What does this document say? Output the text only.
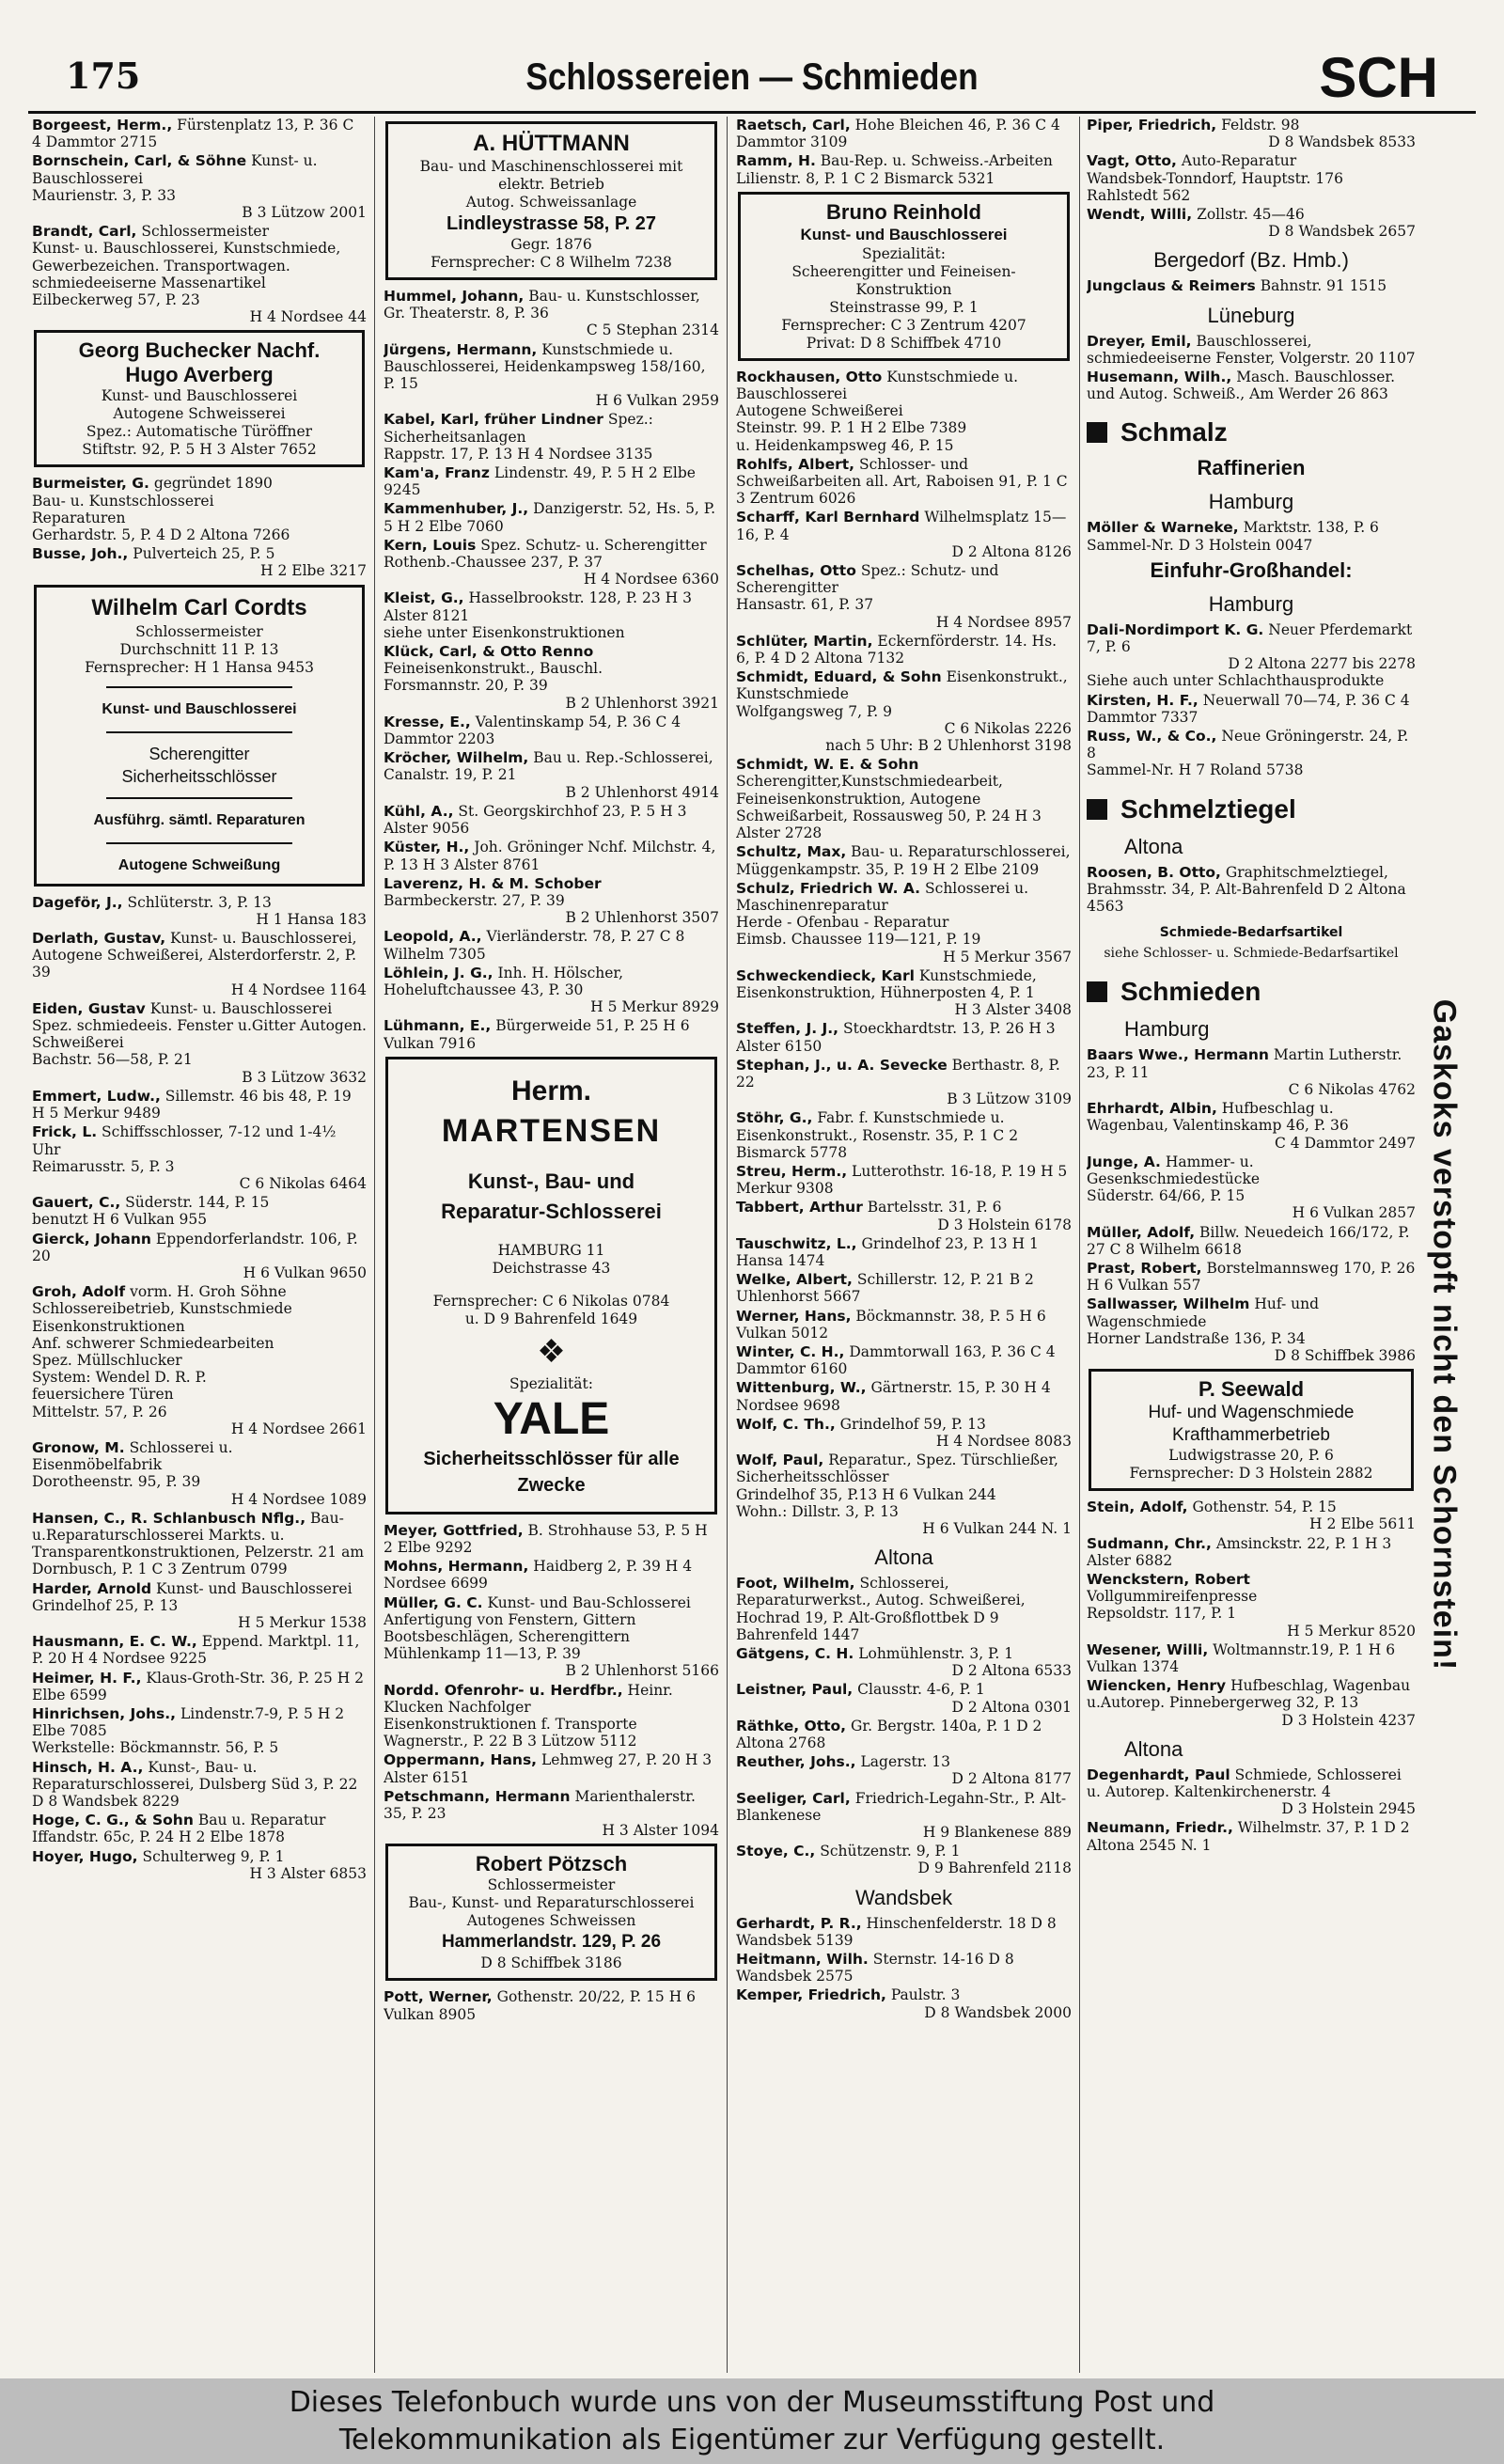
175	Schlossereien — Schmieden	SCH
Borgeest, Herm., Fürstenplatz 13, P. 36 C 4 Dammtor 2715
Bornschein, Carl, & Söhne Kunst- u. Bauschlosserei
Maurienstr. 3, P. 33
B 3 Lützow 2001
Brandt, Carl, Schlossermeister
Kunst- u. Bauschlosserei, Kunstschmiede, Gewerbezeichen. Transportwagen. schmiedeeiserne Massenartikel
Eilbeckerweg 57, P. 23
H 4 Nordsee 44
Georg Buchecker Nachf.
Hugo Averberg
Kunst- und Bauschlosserei
Autogene Schweisserei
Spez.: Automatische Türöffner
Stiftstr. 92, P. 5 H 3 Alster 7652
Burmeister, G. gegründet 1890
Bau- u. Kunstschlosserei
Reparaturen
Gerhardstr. 5, P. 4 D 2 Altona 7266
Busse, Joh., Pulverteich 25, P. 5
H 2 Elbe 3217
Wilhelm Carl Cordts
Schlossermeister
Durchschnitt 11 P. 13
Fernsprecher: H 1 Hansa 9453
Kunst- und Bauschlosserei
Scherengitter
Sicherheitsschlösser
Ausführg. sämtl. Reparaturen
Autogene Schweißung
Dageför, J., Schlüterstr. 3, P. 13
H 1 Hansa 183
Derlath, Gustav, Kunst- u. Bauschlosserei, Autogene Schweißerei, Alsterdorferstr. 2, P. 39
H 4 Nordsee 1164
Eiden, Gustav Kunst- u. Bauschlosserei
Spez. schmiedeeis. Fenster u.Gitter Autogen. Schweißerei
Bachstr. 56—58, P. 21
B 3 Lützow 3632
Emmert, Ludw., Sillemstr. 46 bis 48, P. 19 H 5 Merkur 9489
Frick, L. Schiffsschlosser, 7-12 und 1-4½ Uhr
Reimarusstr. 5, P. 3
C 6 Nikolas 6464
Gauert, C., Süderstr. 144, P. 15
benutzt H 6 Vulkan 955
Gierck, Johann Eppendorferlandstr. 106, P. 20
H 6 Vulkan 9650
Groh, Adolf vorm. H. Groh Söhne
Schlossereibetrieb, Kunstschmiede Eisenkonstruktionen
Anf. schwerer Schmiedearbeiten
Spez. Müllschlucker
System: Wendel D. R. P.
feuersichere Türen
Mittelstr. 57, P. 26
H 4 Nordsee 2661
Gronow, M. Schlosserei u. Eisenmöbelfabrik
Dorotheenstr. 95, P. 39
H 4 Nordsee 1089
Hansen, C., R. Schlanbusch Nflg., Bau-u.Reparaturschlosserei Markts. u. Transparentkonstruktionen, Pelzerstr. 21 am Dornbusch, P. 1 C 3 Zentrum 0799
Harder, Arnold Kunst- und Bauschlosserei
Grindelhof 25, P. 13
H 5 Merkur 1538
Hausmann, E. C. W., Eppend. Marktpl. 11, P. 20 H 4 Nordsee 9225
Heimer, H. F., Klaus-Groth-Str. 36, P. 25 H 2 Elbe 6599
Hinrichsen, Johs., Lindenstr.7-9, P. 5 H 2 Elbe 7085
Werkstelle: Böckmannstr. 56, P. 5
Hinsch, H. A., Kunst-, Bau- u. Reparaturschlosserei, Dulsberg Süd 3, P. 22 D 8 Wandsbek 8229
Hoge, C. G., & Sohn Bau u. Reparatur
Iffandstr. 65c, P. 24 H 2 Elbe 1878
Hoyer, Hugo, Schulterweg 9, P. 1
H 3 Alster 6853
A. HÜTTMANN
Bau- und Maschinenschlosserei mit elektr. Betrieb
Autog. Schweissanlage
Lindleystrasse 58, P. 27
Gegr. 1876
Fernsprecher: C 8 Wilhelm 7238
Hummel, Johann, Bau- u. Kunstschlosser, Gr. Theaterstr. 8, P. 36
C 5 Stephan 2314
Jürgens, Hermann, Kunstschmiede u. Bauschlosserei, Heidenkampsweg 158/160, P. 15
H 6 Vulkan 2959
Kabel, Karl, früher Lindner Spez.: Sicherheitsanlagen
Rappstr. 17, P. 13 H 4 Nordsee 3135
Kam'a, Franz Lindenstr. 49, P. 5 H 2 Elbe 9245
Kammenhuber, J., Danzigerstr. 52, Hs. 5, P. 5 H 2 Elbe 7060
Kern, Louis Spez. Schutz- u. Scherengitter
Rothenb.-Chaussee 237, P. 37
H 4 Nordsee 6360
Kleist, G., Hasselbrookstr. 128, P. 23 H 3 Alster 8121
siehe unter Eisenkonstruktionen
Klück, Carl, & Otto Renno Feineisenkonstrukt., Bauschl.
Forsmannstr. 20, P. 39
B 2 Uhlenhorst 3921
Kresse, E., Valentinskamp 54, P. 36 C 4 Dammtor 2203
Kröcher, Wilhelm, Bau u. Rep.-Schlosserei, Canalstr. 19, P. 21
B 2 Uhlenhorst 4914
Kühl, A., St. Georgskirchhof 23, P. 5 H 3 Alster 9056
Küster, H., Joh. Gröninger Nchf. Milchstr. 4, P. 13 H 3 Alster 8761
Laverenz, H. & M. Schober Barmbeckerstr. 27, P. 39
B 2 Uhlenhorst 3507
Leopold, A., Vierländerstr. 78, P. 27 C 8 Wilhelm 7305
Löhlein, J. G., Inh. H. Hölscher, Hoheluftchaussee 43, P. 30
H 5 Merkur 8929
Lühmann, E., Bürgerweide 51, P. 25 H 6 Vulkan 7916
Herm.
MARTENSEN
Kunst-, Bau- und
Reparatur-Schlosserei
HAMBURG 11
Deichstrasse 43
Fernsprecher: C 6 Nikolas 0784
u. D 9 Bahrenfeld 1649
❖
Spezialität:
YALE
Sicherheitsschlösser für alle Zwecke
Meyer, Gottfried, B. Strohhause 53, P. 5 H 2 Elbe 9292
Mohns, Hermann, Haidberg 2, P. 39 H 4 Nordsee 6699
Müller, G. C. Kunst- und Bau-Schlosserei
Anfertigung von Fenstern, Gittern Bootsbeschlägen, Scherengittern
Mühlenkamp 11—13, P. 39
B 2 Uhlenhorst 5166
Nordd. Ofenrohr- u. Herdfbr., Heinr. Klucken Nachfolger
Eisenkonstruktionen f. Transporte
Wagnerstr., P. 22 B 3 Lützow 5112
Oppermann, Hans, Lehmweg 27, P. 20 H 3 Alster 6151
Petschmann, Hermann Marienthalerstr. 35, P. 23
H 3 Alster 1094
Robert Pötzsch
Schlossermeister
Bau-, Kunst- und Reparaturschlosserei
Autogenes Schweissen
Hammerlandstr. 129, P. 26
D 8 Schiffbek 3186
Pott, Werner, Gothenstr. 20/22, P. 15 H 6 Vulkan 8905
Raetsch, Carl, Hohe Bleichen 46, P. 36 C 4 Dammtor 3109
Ramm, H. Bau-Rep. u. Schweiss.-Arbeiten
Lilienstr. 8, P. 1 C 2 Bismarck 5321
Bruno Reinhold
Kunst- und Bauschlosserei
Spezialität:
Scheerengitter und Feineisen-Konstruktion
Steinstrasse 99, P. 1
Fernsprecher: C 3 Zentrum 4207
Privat: D 8 Schiffbek 4710
Rockhausen, Otto Kunstschmiede u. Bauschlosserei
Autogene Schweißerei
Steinstr. 99. P. 1 H 2 Elbe 7389
u. Heidenkampsweg 46, P. 15
Rohlfs, Albert, Schlosser- und Schweißarbeiten all. Art, Raboisen 91, P. 1 C 3 Zentrum 6026
Scharff, Karl Bernhard Wilhelmsplatz 15—16, P. 4
D 2 Altona 8126
Schelhas, Otto Spez.: Schutz- und Scherengitter
Hansastr. 61, P. 37
H 4 Nordsee 8957
Schlüter, Martin, Eckernförderstr. 14. Hs. 6, P. 4 D 2 Altona 7132
Schmidt, Eduard, & Sohn Eisenkonstrukt., Kunstschmiede
Wolfgangsweg 7, P. 9
C 6 Nikolas 2226
nach 5 Uhr: B 2 Uhlenhorst 3198
Schmidt, W. E. & Sohn Scherengitter,Kunstschmiedearbeit, Feineisenkonstruktion, Autogene Schweißarbeit, Rossausweg 50, P. 24 H 3 Alster 2728
Schultz, Max, Bau- u. Reparaturschlosserei, Müggenkampstr. 35, P. 19 H 2 Elbe 2109
Schulz, Friedrich W. A. Schlosserei u. Maschinenreparatur
Herde - Ofenbau - Reparatur
Eimsb. Chaussee 119—121, P. 19
H 5 Merkur 3567
Schweckendieck, Karl Kunstschmiede, Eisenkonstruktion, Hühnerposten 4, P. 1
H 3 Alster 3408
Steffen, J. J., Stoeckhardtstr. 13, P. 26 H 3 Alster 6150
Stephan, J., u. A. Sevecke Berthastr. 8, P. 22
B 3 Lützow 3109
Stöhr, G., Fabr. f. Kunstschmiede u. Eisenkonstrukt., Rosenstr. 35, P. 1 C 2 Bismarck 5778
Streu, Herm., Lutterothstr. 16-18, P. 19 H 5 Merkur 9308
Tabbert, Arthur Bartelsstr. 31, P. 6
D 3 Holstein 6178
Tauschwitz, L., Grindelhof 23, P. 13 H 1 Hansa 1474
Welke, Albert, Schillerstr. 12, P. 21 B 2 Uhlenhorst 5667
Werner, Hans, Böckmannstr. 38, P. 5 H 6 Vulkan 5012
Winter, C. H., Dammtorwall 163, P. 36 C 4 Dammtor 6160
Wittenburg, W., Gärtnerstr. 15, P. 30 H 4 Nordsee 9698
Wolf, C. Th., Grindelhof 59, P. 13
H 4 Nordsee 8083
Wolf, Paul, Reparatur., Spez. Türschließer, Sicherheitsschlösser
Grindelhof 35, P.13 H 6 Vulkan 244
Wohn.: Dillstr. 3, P. 13
H 6 Vulkan 244 N. 1
Altona
Foot, Wilhelm, Schlosserei, Reparaturwerkst., Autog. Schweißerei, Hochrad 19, P. Alt-Großflottbek D 9 Bahrenfeld 1447
Gätgens, C. H. Lohmühlenstr. 3, P. 1
D 2 Altona 6533
Leistner, Paul, Clausstr. 4-6, P. 1
D 2 Altona 0301
Räthke, Otto, Gr. Bergstr. 140a, P. 1 D 2 Altona 2768
Reuther, Johs., Lagerstr. 13
D 2 Altona 8177
Seeliger, Carl, Friedrich-Legahn-Str., P. Alt-Blankenese
H 9 Blankenese 889
Stoye, C., Schützenstr. 9, P. 1
D 9 Bahrenfeld 2118
Wandsbek
Gerhardt, P. R., Hinschenfelderstr. 18 D 8 Wandsbek 5139
Heitmann, Wilh. Sternstr. 14-16 D 8 Wandsbek 2575
Kemper, Friedrich, Paulstr. 3
D 8 Wandsbek 2000
Piper, Friedrich, Feldstr. 98
D 8 Wandsbek 8533
Vagt, Otto, Auto-Reparatur
Wandsbek-Tonndorf, Hauptstr. 176
Rahlstedt 562
Wendt, Willi, Zollstr. 45—46
D 8 Wandsbek 2657
Bergedorf (Bz. Hmb.)
Jungclaus & Reimers Bahnstr. 91 1515
Lüneburg
Dreyer, Emil, Bauschlosserei, schmiedeeiserne Fenster, Volgerstr. 20 1107
Husemann, Wilh., Masch. Bauschlosser. und Autog. Schweiß., Am Werder 26 863
Schmalz
Raffinerien
Hamburg
Möller & Warneke, Marktstr. 138, P. 6
Sammel-Nr. D 3 Holstein 0047
Einfuhr-Großhandel:
Hamburg
Dali-Nordimport K. G. Neuer Pferdemarkt 7, P. 6
D 2 Altona 2277 bis 2278
Siehe auch unter Schlachthausprodukte
Kirsten, H. F., Neuerwall 70—74, P. 36 C 4 Dammtor 7337
Russ, W., & Co., Neue Gröningerstr. 24, P. 8
Sammel-Nr. H 7 Roland 5738
Schmelztiegel
Altona
Roosen, B. Otto, Graphitschmelztiegel, Brahmsstr. 34, P. Alt-Bahrenfeld D 2 Altona 4563
Schmiede-Bedarfsartikel
siehe Schlosser- u. Schmiede-Bedarfsartikel
Schmieden
Hamburg
Baars Wwe., Hermann Martin Lutherstr. 23, P. 11
C 6 Nikolas 4762
Ehrhardt, Albin, Hufbeschlag u. Wagenbau, Valentinskamp 46, P. 36
C 4 Dammtor 2497
Junge, A. Hammer- u. Gesenkschmiedestücke
Süderstr. 64/66, P. 15
H 6 Vulkan 2857
Müller, Adolf, Billw. Neuedeich 166/172, P. 27 C 8 Wilhelm 6618
Prast, Robert, Borstelmannsweg 170, P. 26 H 6 Vulkan 557
Sallwasser, Wilhelm Huf- und Wagenschmiede
Horner Landstraße 136, P. 34
D 8 Schiffbek 3986
P. Seewald
Huf- und Wagenschmiede
Krafthammerbetrieb
Ludwigstrasse 20, P. 6
Fernsprecher: D 3 Holstein 2882
Stein, Adolf, Gothenstr. 54, P. 15
H 2 Elbe 5611
Sudmann, Chr., Amsinckstr. 22, P. 1 H 3 Alster 6882
Wenckstern, Robert Vollgummireifenpresse
Repsoldstr. 117, P. 1
H 5 Merkur 8520
Wesener, Willi, Woltmannstr.19, P. 1 H 6 Vulkan 1374
Wiencken, Henry Hufbeschlag, Wagenbau u.Autorep. Pinnebergerweg 32, P. 13
D 3 Holstein 4237
Altona
Degenhardt, Paul Schmiede, Schlosserei u. Autorep. Kaltenkirchenerstr. 4
D 3 Holstein 2945
Neumann, Friedr., Wilhelmstr. 37, P. 1 D 2 Altona 2545 N. 1
Gaskoks verstopft nicht den Schornstein!
Dieses Telefonbuch wurde uns von der Museumsstiftung Post und
Telekommunikation als Eigentümer zur Verfügung gestellt.
